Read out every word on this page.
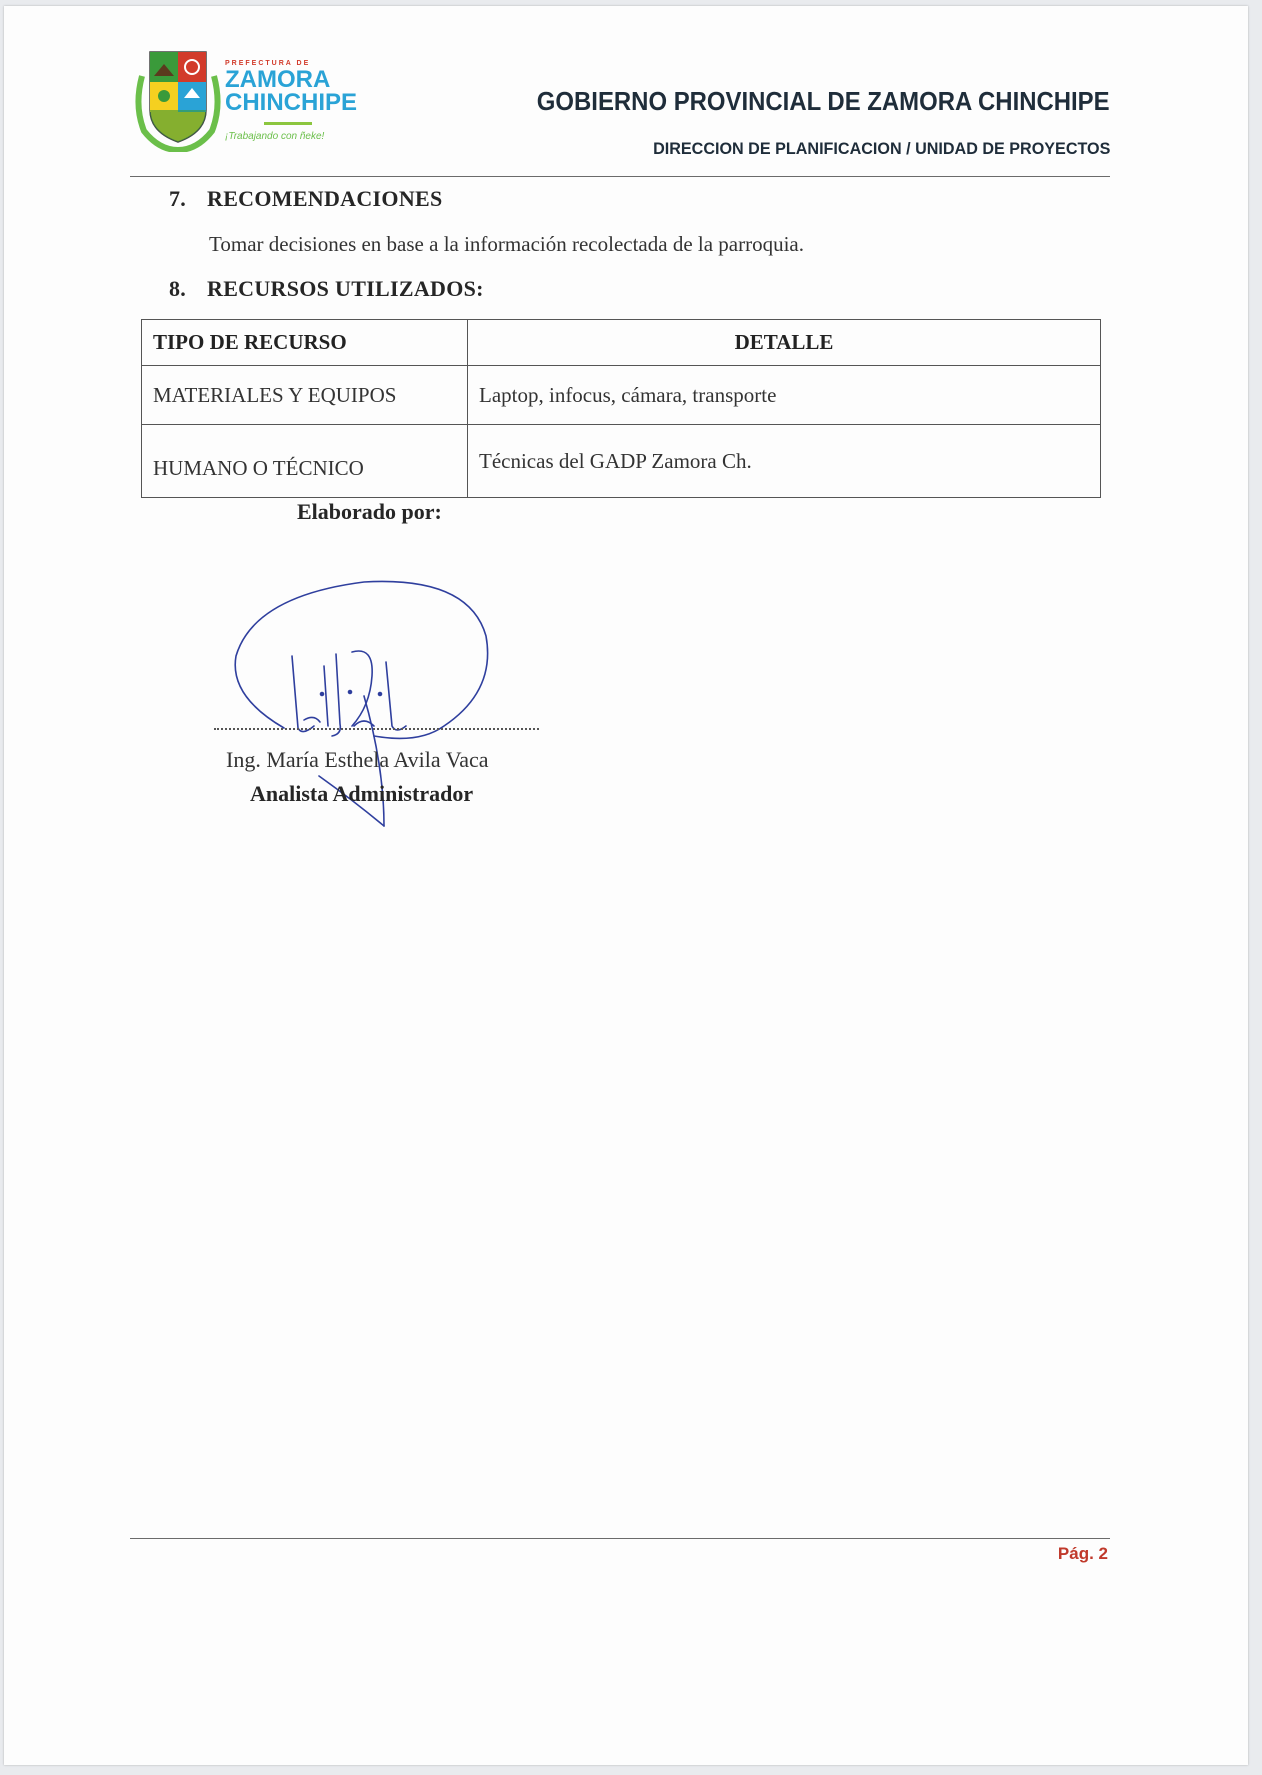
PREFECTURA DE
ZAMORA
CHINCHIPE
¡Trabajando con ñeke!
GOBIERNO PROVINCIAL DE ZAMORA CHINCHIPE
DIRECCION DE PLANIFICACION / UNIDAD DE PROYECTOS
7. RECOMENDACIONES
Tomar decisiones en base a la información recolectada de la parroquia.
8. RECURSOS UTILIZADOS:
TIPO DE RECURSO	DETALLE
MATERIALES Y EQUIPOS	Laptop, infocus, cámara, transporte
HUMANO O TÉCNICO	Técnicas del GADP Zamora Ch.
Elaborado por:
Ing. María Esthela Avila Vaca
Analista Administrador
Pág. 2
